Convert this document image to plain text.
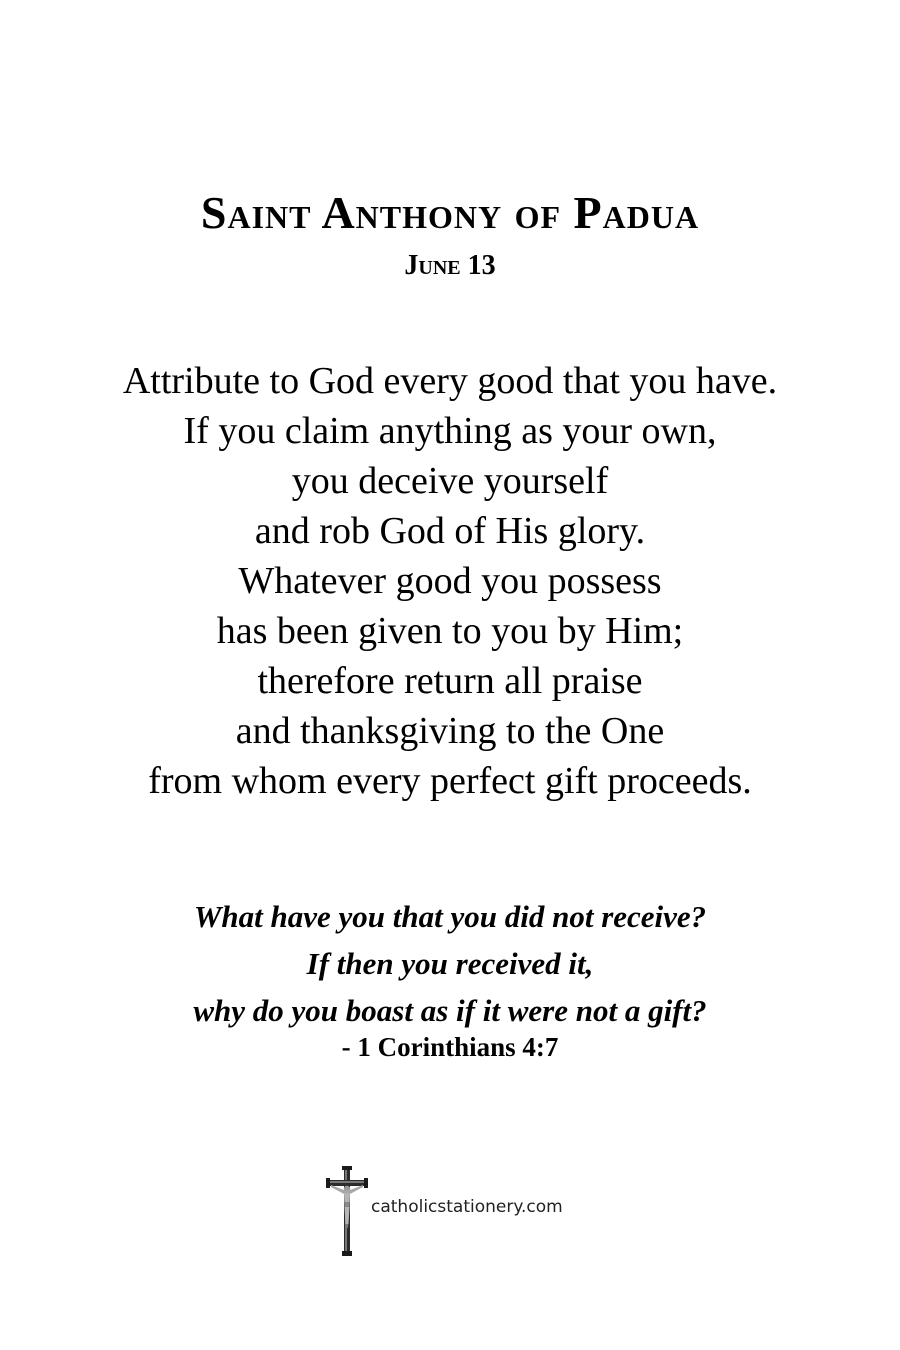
Saint Anthony of Padua
June 13
Attribute to God every good that you have.
If you claim anything as your own,
you deceive yourself
and rob God of His glory.
Whatever good you possess
has been given to you by Him;
therefore return all praise
and thanksgiving to the One
from whom every perfect gift proceeds.
What have you that you did not receive?
If then you received it,
why do you boast as if it were not a gift?
- 1 Corinthians 4:7
catholicstationery.com
